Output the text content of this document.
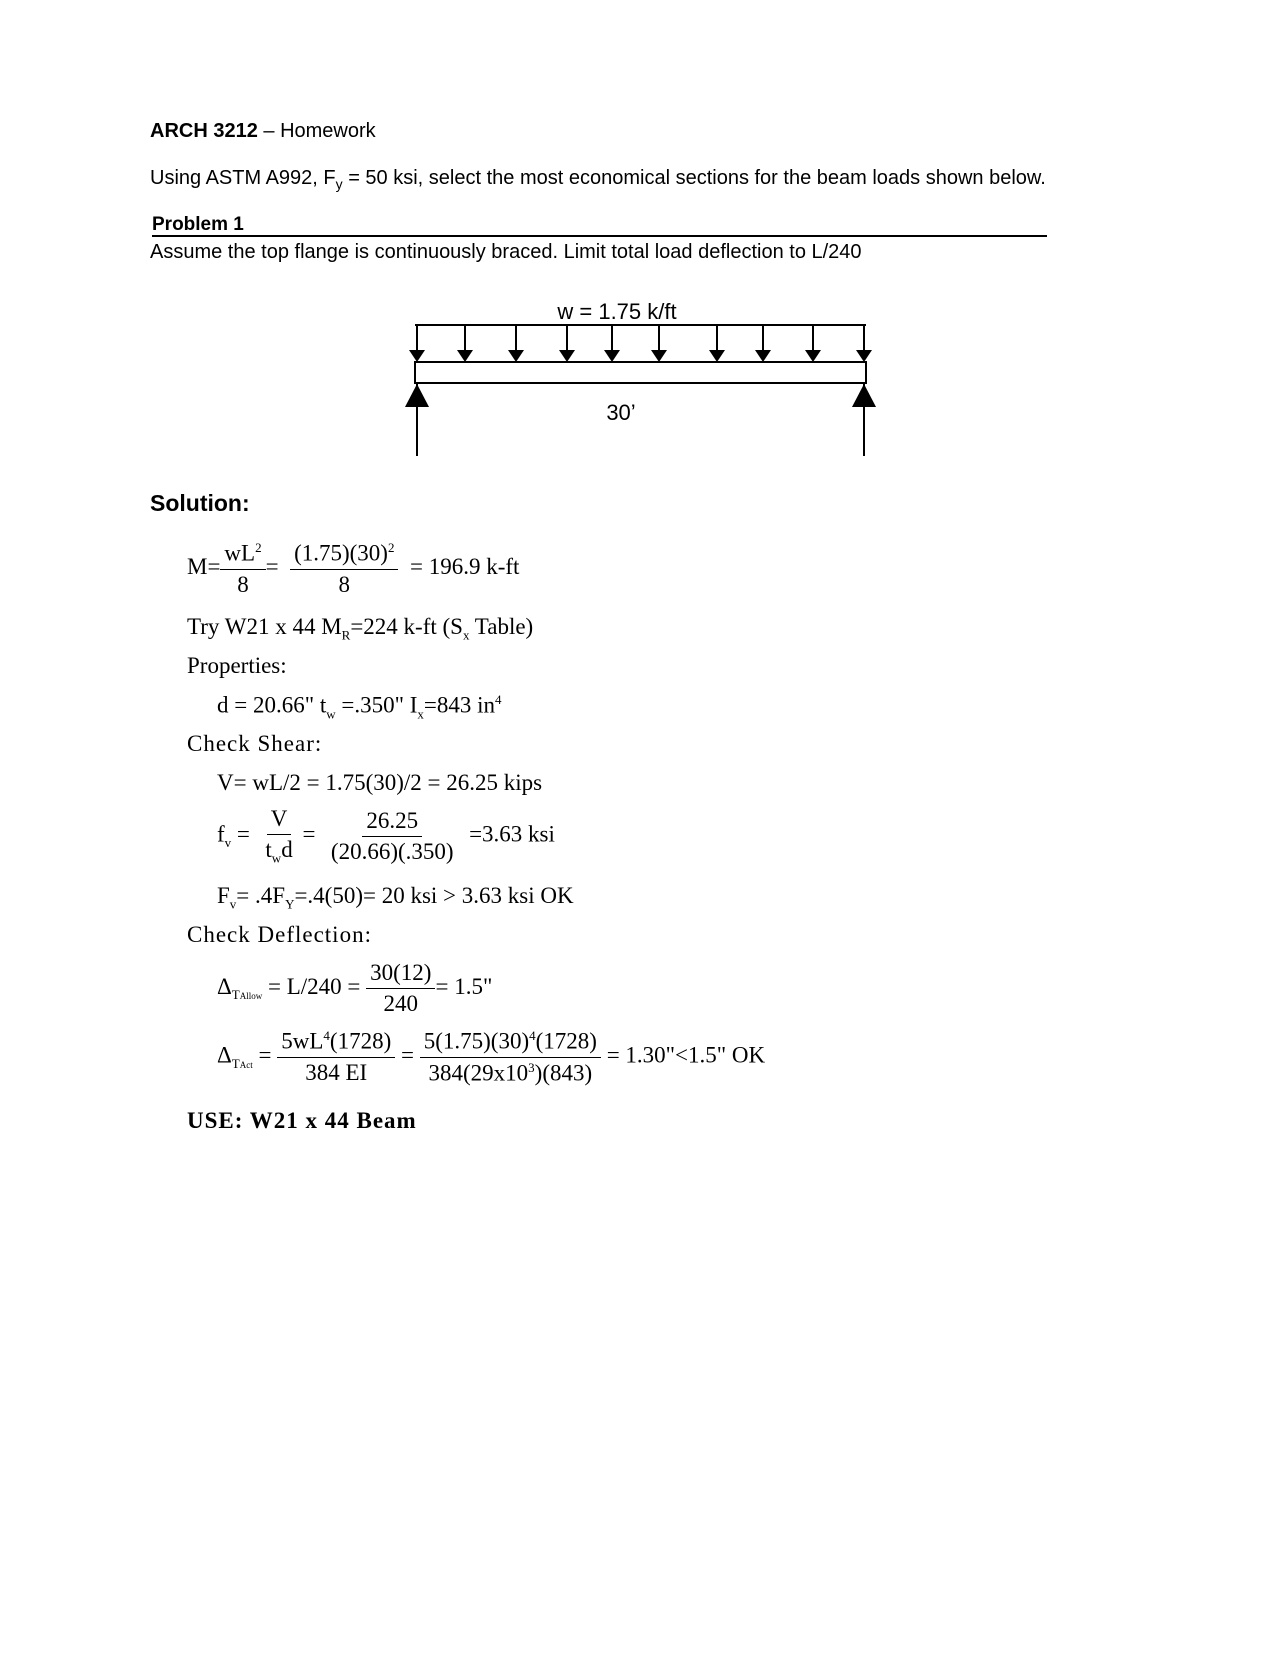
ARCH 3212 – Homework
Using ASTM A992, $F_y = 50$ ksi, select the most economical sections for the beam loads shown below.
Problem 1
Assume the top flange is continuously braced. Limit total load deflection to L/240
w = 1.75 k/ft
30’
Solution:
$M= \frac{wL^2}{8} = \frac{(1.75)(30)^2}{8} = 196.9$ k-ft
Try W21 x 44 $M_R=224$ k-ft ($S_x$ Table)
Properties:
d = 20.66" $t_w =.350$" $I_x=843$ $in^4$
Check Shear:
V= wL/2 = 1.75(30)/2 = 26.25 kips
$f_v = \frac{V}{t_wd} = \frac{26.25}{(20.66)(.350)} =3.63$ ksi
$F_v= .4F_Y=.4(50)= 20$ ksi > 3.63 ksi OK
Check Deflection:
$\Delta_{TAllow} = L/240 = \frac{30(12)}{240} = 1.5$"
$\Delta_{TAct} = \frac{5wL^4(1728)}{384 EI} = \frac{5(1.75)(30)^4(1728)}{384(29x10^3)(843)}$ = 1.30"<1.5" OK
USE: W21 x 44 Beam
